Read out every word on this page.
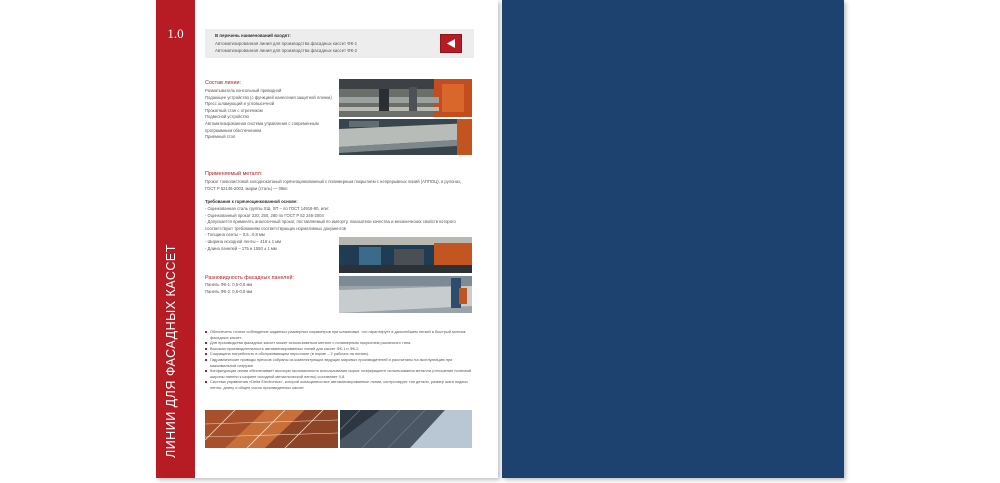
1.0
ЛИНИИ ДЛЯ ФАСАДНЫХ КАССЕТ
В перечень наименований входят:
Автоматизированная линия для производства фасадных кассет ФК-1
Автоматизированная линия для производства фасадных кассет ФК-2
Состав линии:
Разматыватель консольный приводной
Подающее устройство (с функцией нанесения защитной пленки)
Пресс шламующий и угловысечной
Прокатный стан с отрезчиком
Подвесной устройство
Автоматизированная система управления с современным
программным обеспечением
Приемный стол
Применяемый металл:
Прокат тонколистовой холоднокатаный горячеоцинкованный с полимерным покрытием с непрерывных линий (АППОЦ), в рулонах,
ГОСТ Р 52146-2003, марки (сталь) — 08кп.
Требования к горячеоцинкованной основе:
- Оцинкованная сталь группы ХШ, ХП – по ГОСТ 14918-80, или:
- Оцинкованный прокат 220, 250, 280 по ГОСТ Р 52 246-2004
- Допускается применять аналогичный прокат, поставляемый по импорту, показатели качества и механических свойств которого
соответствуют требованиям соответствующих нормативных документов
- Толщина ленты – 0,5...0,8 мм
- Ширина исходной ленты – 416 ± 1 мм
- Длина панелей – 175 и 1550 ± 1 мм
Разновидность фасадных панелей:
Панель ФК-1: 0,5-0,6 мм
Панель ФК-2: 0,6-0,8 мм
Обеспечено точное соблюдение заданных размерных параметров при штамповке, что гарантирует в дальнейшем легкий и быстрый монтаж фасадных кассет.
Для производства фасадных кассет может использоваться металл с полимерным покрытием различного типа.
Высокая производительность автоматизированных линий для кассет ФК-1 и ФК-2.
Сокращена потребность в обслуживающем персонале (в норме – 2 рабочих на линию).
Гидравлические приводы прессов собраны из комплектующих ведущих мировых производителей и рассчитаны на эксплуатацию при максимальной нагрузке.
Конфигурация линии обеспечивает высокую экономичность использования сырья: коэффициент использования металла (отношение полезной ширины панели к ширине исходной металлической ленты) составляет 0,8.
Система управления «Delta Electronics», которой оснащаются все автоматизированные линии, контролирует тип детали, размер шага подачи ленты, длину и общее число произведенных кассет.
